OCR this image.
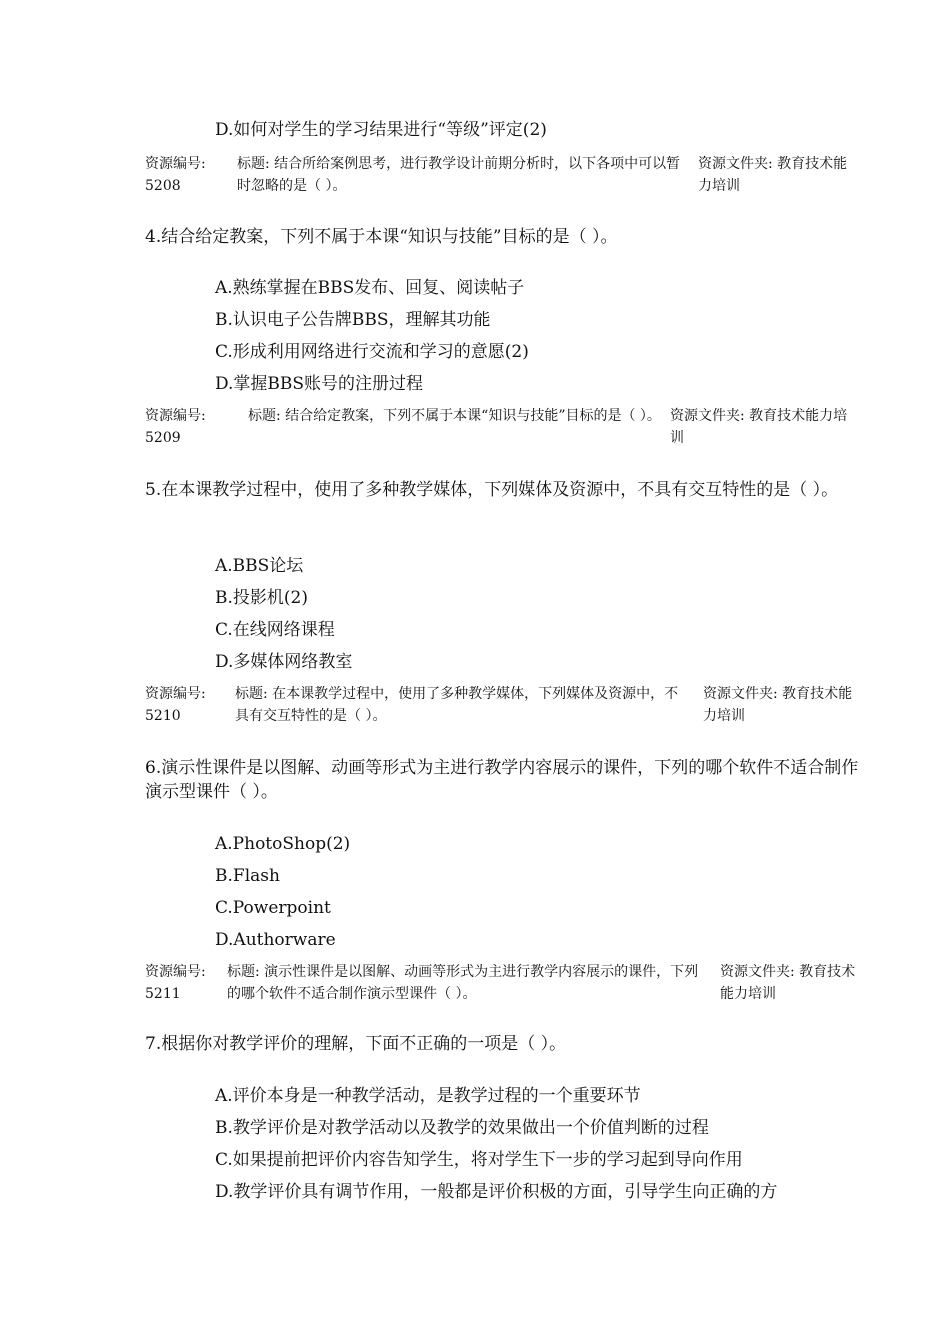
D.如何对学生的学习结果进行“等级”评定(2)
资源编号:
5208
标题: 结合所给案例思考，进行教学设计前期分析时，以下各项中可以暂时忽略的是（ ）。
资源文件夹: 教育技术能力培训
4.结合给定教案，下列不属于本课“知识与技能”目标的是（ ）。
A.熟练掌握在BBS发布、回复、阅读帖子
B.认识电子公告牌BBS，理解其功能
C.形成利用网络进行交流和学习的意愿(2)
D.掌握BBS账号的注册过程
资源编号:
5209
标题: 结合给定教案，下列不属于本课“知识与技能”目标的是（ ）。 资源文件夹: 教育技术能力培训
5.在本课教学过程中，使用了多种教学媒体，下列媒体及资源中，不具有交互特性的是（ ）。
A.BBS论坛
B.投影机(2)
C.在线网络课程
D.多媒体网络教室
资源编号:
5210
标题: 在本课教学过程中，使用了多种教学媒体，下列媒体及资源中，不具有交互特性的是（ ）。
资源文件夹: 教育技术能力培训
6.演示性课件是以图解、动画等形式为主进行教学内容展示的课件，下列的哪个软件不适合制作演示型课件（ ）。
A.PhotoShop(2)
B.Flash
C.Powerpoint
D.Authorware
资源编号:
5211
标题: 演示性课件是以图解、动画等形式为主进行教学内容展示的课件，下列的哪个软件不适合制作演示型课件（ ）。
资源文件夹: 教育技术能力培训
7.根据你对教学评价的理解，下面不正确的一项是（ ）。
A.评价本身是一种教学活动，是教学过程的一个重要环节
B.教学评价是对教学活动以及教学的效果做出一个价值判断的过程
C.如果提前把评价内容告知学生，将对学生下一步的学习起到导向作用
D.教学评价具有调节作用，一般都是评价积极的方面，引导学生向正确的方
